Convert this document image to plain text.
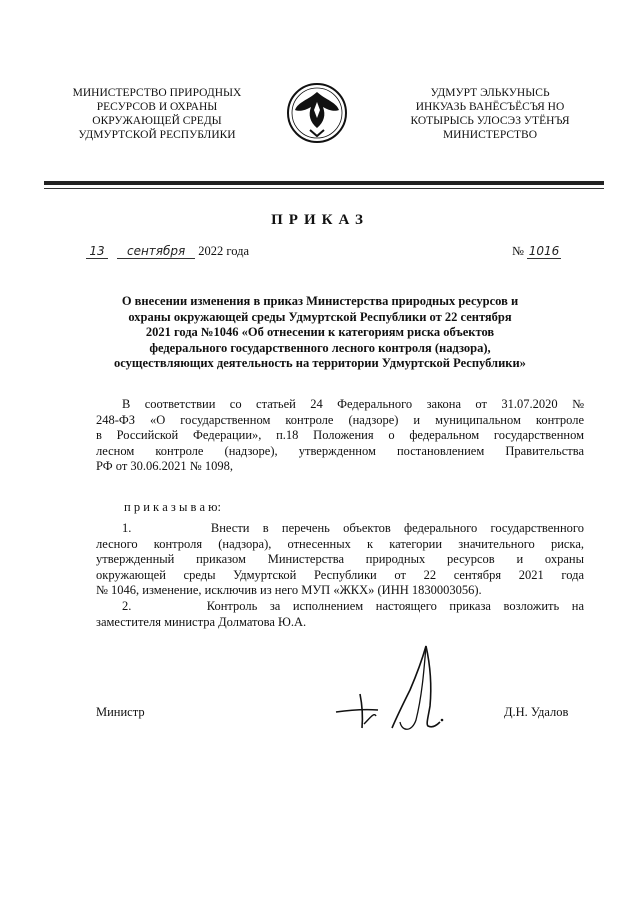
МИНИСТЕРСТВО ПРИРОДНЫХ
РЕСУРСОВ И ОХРАНЫ
ОКРУЖАЮЩЕЙ СРЕДЫ
УДМУРТСКОЙ РЕСПУБЛИКИ
УДМУРТ ЭЛЬКУНЫСЬ
ИНКУАЗЬ ВАНЁСЪЁСЪЯ НО
КОТЫРЫСЬ УЛОСЭЗ УТЁНЪЯ
МИНИСТЕРСТВО
ПРИКАЗ
13 сентября 2022 года	№ 1016
О внесении изменения в приказ Министерства природных ресурсов и
охраны окружающей среды Удмуртской Республики от 22 сентября
2021 года №1046 «Об отнесении к категориям риска объектов
федерального государственного лесного контроля (надзора),
осуществляющих деятельность на территории Удмуртской Республики»
В соответствии со статьей 24 Федерального закона от 31.07.2020 №
248-ФЗ «О государственном контроле (надзоре) и муниципальном контроле
в Российской Федерации», п.18 Положения о федеральном государственном
лесном контроле (надзоре), утвержденном постановлением Правительства
РФ от 30.06.2021 № 1098,
п р и к а з ы в а ю:
1.      Внести в перечень объектов федерального государственного
лесного контроля (надзора), отнесенных к категории значительного риска,
утвержденный приказом Министерства природных ресурсов и охраны
окружающей среды Удмуртской Республики от 22 сентября 2021 года
№ 1046, изменение, исключив из него МУП «ЖКХ» (ИНН 1830003056).
2.      Контроль за исполнением настоящего приказа возложить на
заместителя министра Долматова Ю.А.
Министр	Д.Н. Удалов
